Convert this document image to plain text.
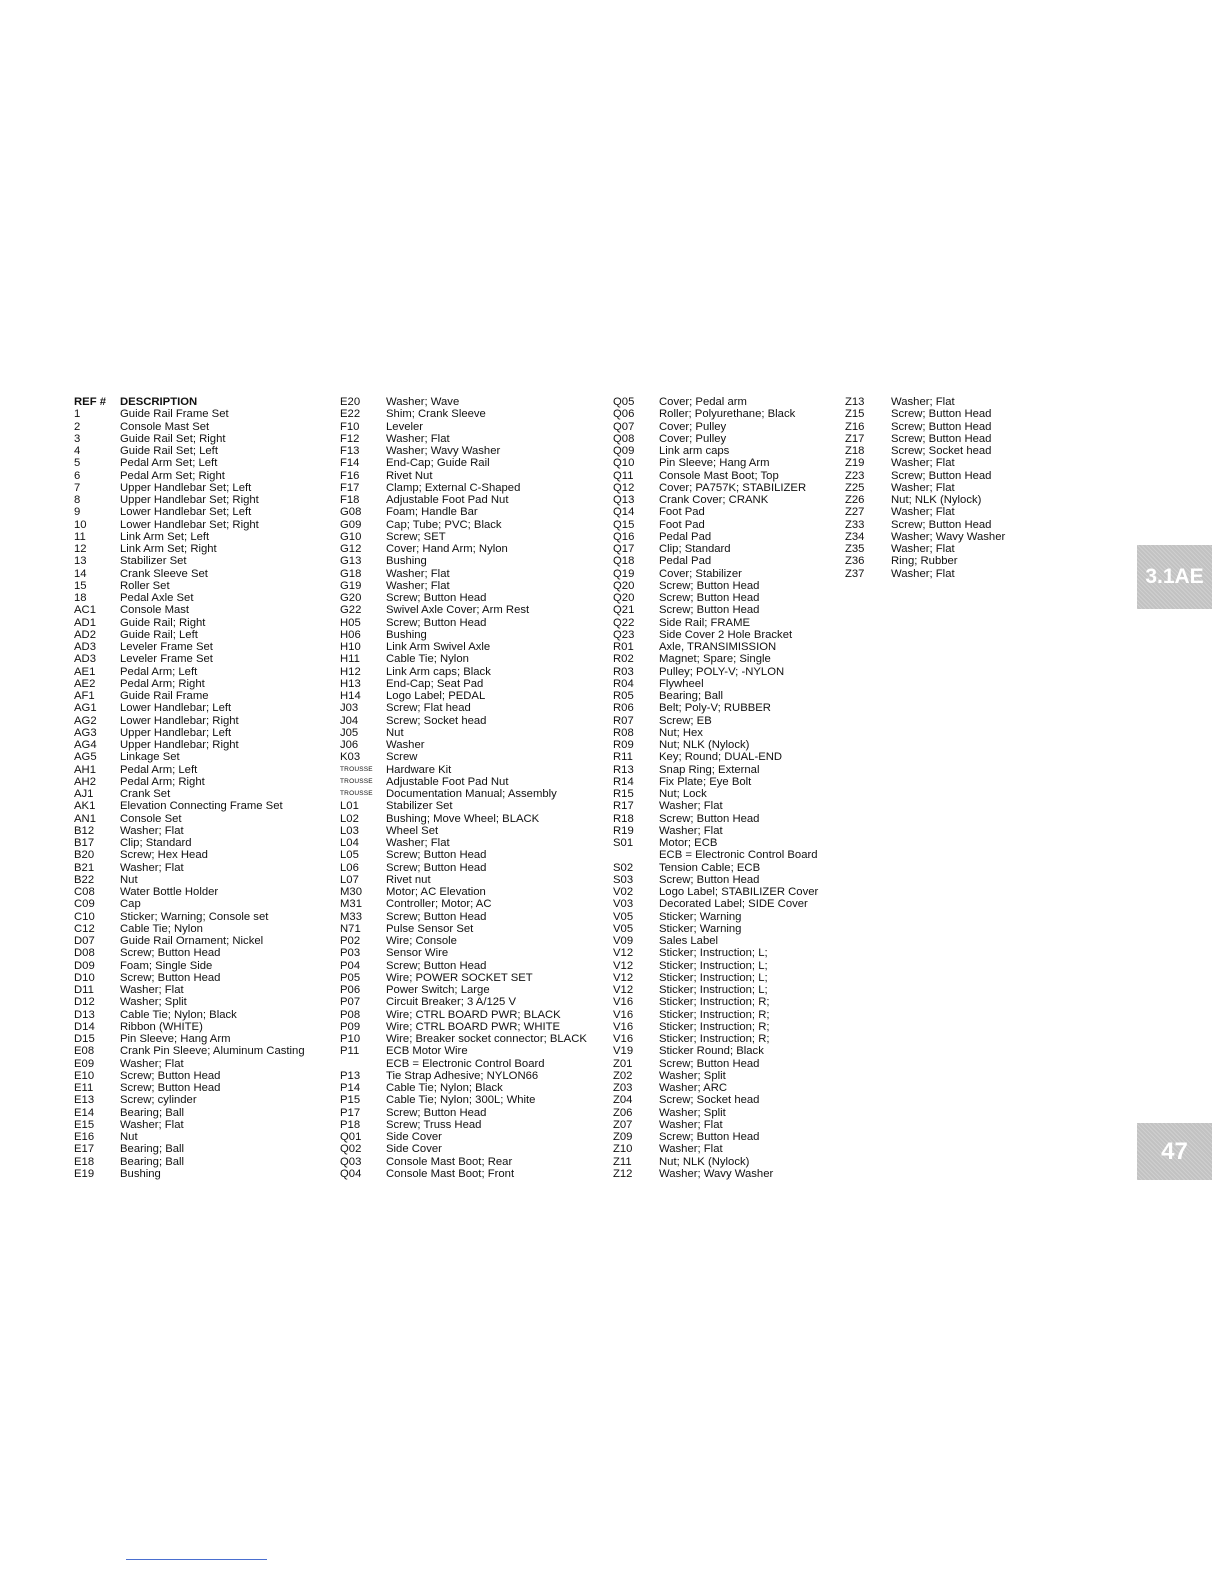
REF #	DESCRIPTION
1	Guide Rail Frame Set
2	Console Mast Set
3	Guide Rail Set; Right
4	Guide Rail Set; Left
5	Pedal Arm Set; Left
6	Pedal Arm Set; Right
7	Upper Handlebar Set; Left
8	Upper Handlebar Set; Right
9	Lower Handlebar Set; Left
10	Lower Handlebar Set; Right
11	Link Arm Set; Left
12	Link Arm Set; Right
13	Stabilizer Set
14	Crank Sleeve Set
15	Roller Set
18	Pedal Axle Set
AC1	Console Mast
AD1	Guide Rail; Right
AD2	Guide Rail; Left
AD3	Leveler Frame Set
AD3	Leveler Frame Set
AE1	Pedal Arm; Left
AE2	Pedal Arm; Right
AF1	Guide Rail Frame
AG1	Lower Handlebar; Left
AG2	Lower Handlebar; Right
AG3	Upper Handlebar; Left
AG4	Upper Handlebar; Right
AG5	Linkage Set
AH1	Pedal Arm; Left
AH2	Pedal Arm; Right
AJ1	Crank Set
AK1	Elevation Connecting Frame Set
AN1	Console Set
B12	Washer; Flat
B17	Clip; Standard
B20	Screw; Hex Head
B21	Washer; Flat
B22	Nut
C08	Water Bottle Holder
C09	Cap
C10	Sticker; Warning; Console set
C12	Cable Tie; Nylon
D07	Guide Rail Ornament; Nickel
D08	Screw; Button Head
D09	Foam; Single Side
D10	Screw; Button Head
D11	Washer; Flat
D12	Washer; Split
D13	Cable Tie; Nylon; Black
D14	Ribbon (WHITE)
D15	Pin Sleeve; Hang Arm
E08	Crank Pin Sleeve; Aluminum Casting
E09	Washer; Flat
E10	Screw; Button Head
E11	Screw; Button Head
E13	Screw; cylinder
E14	Bearing; Ball
E15	Washer; Flat
E16	Nut
E17	Bearing; Ball
E18	Bearing; Ball
E19	Bushing
E20	Washer; Wave
E22	Shim; Crank Sleeve
F10	Leveler
F12	Washer; Flat
F13	Washer; Wavy Washer
F14	End-Cap; Guide Rail
F16	Rivet Nut
F17	Clamp; External C-Shaped
F18	Adjustable Foot Pad Nut
G08	Foam; Handle Bar
G09	Cap; Tube; PVC; Black
G10	Screw; SET
G12	Cover; Hand Arm; Nylon
G13	Bushing
G18	Washer; Flat
G19	Washer; Flat
G20	Screw; Button Head
G22	Swivel Axle Cover; Arm Rest
H05	Screw; Button Head
H06	Bushing
H10	Link Arm Swivel Axle
H11	Cable Tie; Nylon
H12	Link Arm caps; Black
H13	End-Cap; Seat Pad
H14	Logo Label; PEDAL
J03	Screw; Flat head
J04	Screw; Socket head
J05	Nut
J06	Washer
K03	Screw
TROUSSE	Hardware Kit
TROUSSE	Adjustable Foot Pad Nut
TROUSSE	Documentation Manual; Assembly
L01	Stabilizer Set
L02	Bushing; Move Wheel; BLACK
L03	Wheel Set
L04	Washer; Flat
L05	Screw; Button Head
L06	Screw; Button Head
L07	Rivet nut
M30	Motor; AC Elevation
M31	Controller; Motor; AC
M33	Screw; Button Head
N71	Pulse Sensor Set
P02	Wire; Console
P03	Sensor Wire
P04	Screw; Button Head
P05	Wire; POWER SOCKET SET
P06	Power Switch; Large
P07	Circuit Breaker; 3 A/125 V
P08	Wire; CTRL BOARD PWR; BLACK
P09	Wire; CTRL BOARD PWR; WHITE
P10	Wire; Breaker socket connector; BLACK
P11	ECB Motor Wire
ECB = Electronic Control Board
P13	Tie Strap Adhesive; NYLON66
P14	Cable Tie; Nylon; Black
P15	Cable Tie; Nylon; 300L; White
P17	Screw; Button Head
P18	Screw; Truss Head
Q01	Side Cover
Q02	Side Cover
Q03	Console Mast Boot; Rear
Q04	Console Mast Boot; Front
Q05	Cover; Pedal arm
Q06	Roller; Polyurethane; Black
Q07	Cover; Pulley
Q08	Cover; Pulley
Q09	Link arm caps
Q10	Pin Sleeve; Hang Arm
Q11	Console Mast Boot; Top
Q12	Cover; PA757K; STABILIZER
Q13	Crank Cover; CRANK
Q14	Foot Pad
Q15	Foot Pad
Q16	Pedal Pad
Q17	Clip; Standard
Q18	Pedal Pad
Q19	Cover; Stabilizer
Q20	Screw; Button Head
Q20	Screw; Button Head
Q21	Screw; Button Head
Q22	Side Rail; FRAME
Q23	Side Cover 2 Hole Bracket
R01	Axle, TRANSIMISSION
R02	Magnet; Spare; Single
R03	Pulley; POLY-V; -NYLON
R04	Flywheel
R05	Bearing; Ball
R06	Belt; Poly-V; RUBBER
R07	Screw; EB
R08	Nut; Hex
R09	Nut; NLK (Nylock)
R11	Key; Round; DUAL-END
R13	Snap Ring; External
R14	Fix Plate; Eye Bolt
R15	Nut; Lock
R17	Washer; Flat
R18	Screw; Button Head
R19	Washer; Flat
S01	Motor; ECB
ECB = Electronic Control Board
S02	Tension Cable; ECB
S03	Screw; Button Head
V02	Logo Label; STABILIZER Cover
V03	Decorated Label; SIDE Cover
V05	Sticker; Warning
V05	Sticker; Warning
V09	Sales Label
V12	Sticker; Instruction; L;
V12	Sticker; Instruction; L;
V12	Sticker; Instruction; L;
V12	Sticker; Instruction; L;
V16	Sticker; Instruction; R;
V16	Sticker; Instruction; R;
V16	Sticker; Instruction; R;
V16	Sticker; Instruction; R;
V19	Sticker Round; Black
Z01	Screw; Button Head
Z02	Washer; Split
Z03	Washer; ARC
Z04	Screw; Socket head
Z06	Washer; Split
Z07	Washer; Flat
Z09	Screw; Button Head
Z10	Washer; Flat
Z11	Nut; NLK (Nylock)
Z12	Washer; Wavy Washer
Z13	Washer; Flat
Z15	Screw; Button Head
Z16	Screw; Button Head
Z17	Screw; Button Head
Z18	Screw; Socket head
Z19	Washer; Flat
Z23	Screw; Button Head
Z25	Washer; Flat
Z26	Nut; NLK (Nylock)
Z27	Washer; Flat
Z33	Screw; Button Head
Z34	Washer; Wavy Washer
Z35	Washer; Flat
Z36	Ring; Rubber
Z37	Washer; Flat	3.1AE
47
